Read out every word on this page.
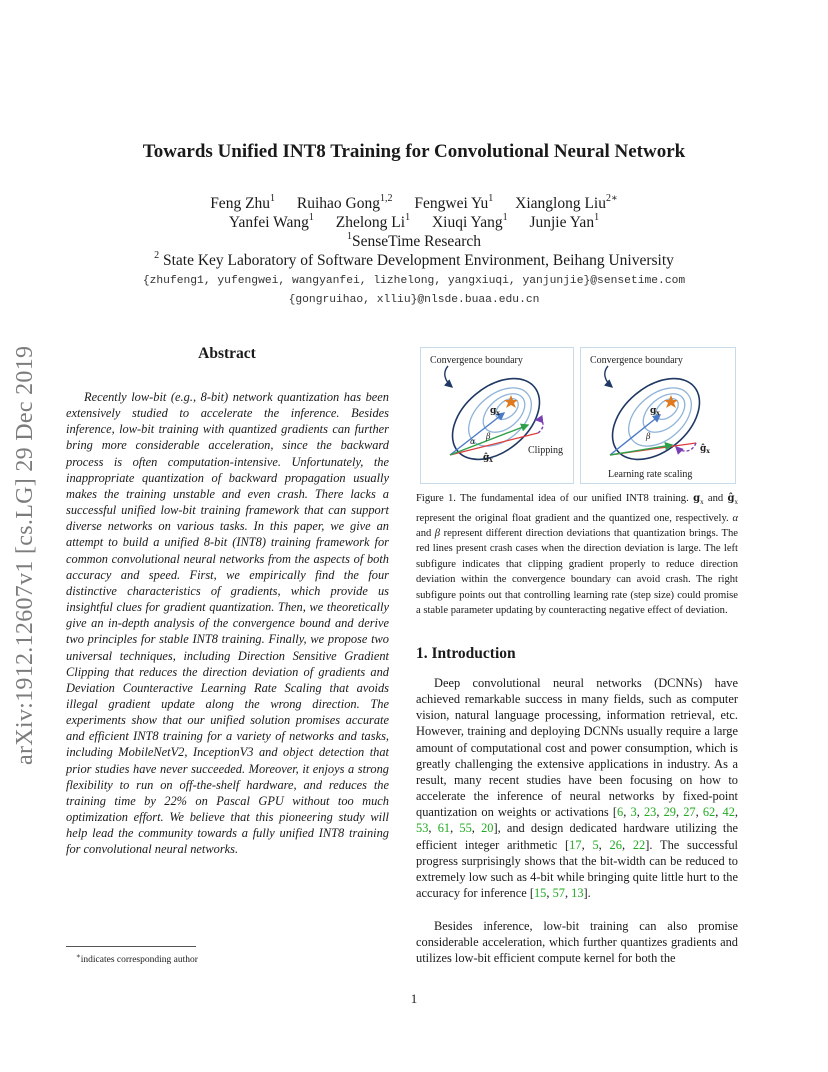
arXiv:1912.12607v1 [cs.LG] 29 Dec 2019
Towards Unified INT8 Training for Convolutional Neural Network
Feng Zhu$^1$ Ruihao Gong$^{1,2}$ Fengwei Yu$^1$ Xianglong Liu$^{2∗}$
Yanfei Wang$^1$ Zhelong Li$^1$ Xiuqi Yang$^1$ Junjie Yan$^1$
$^1$SenseTime Research
$^2$ State Key Laboratory of Software Development Environment, Beihang University
{zhufeng1, yufengwei, wangyanfei, lizhelong, yangxiuqi, yanjunjie}@sensetime.com
{gongruihao, xlliu}@nlsde.buaa.edu.cn
Abstract

Recently low-bit (e.g., 8-bit) network quantization has been extensively studied to accelerate the inference. Besides inference, low-bit training with quantized gradients can further bring more considerable acceleration, since the backward process is often computation-intensive. Unfortunately, the inappropriate quantization of backward propagation usually makes the training unstable and even crash. There lacks a successful unified low-bit training framework that can support diverse networks on various tasks. In this paper, we give an attempt to build a unified 8-bit (INT8) training framework for common convolutional neural networks from the aspects of both accuracy and speed. First, we empirically find the four distinctive characteristics of gradients, which provide us insightful clues for gradient quantization. Then, we theoretically give an in-depth analysis of the convergence bound and derive two principles for stable INT8 training. Finally, we propose two universal techniques, including Direction Sensitive Gradient Clipping that reduces the direction deviation of gradients and Deviation Counteractive Learning Rate Scaling that avoids illegal gradient update along the wrong direction. The experiments show that our unified solution promises accurate and efficient INT8 training for a variety of networks and tasks, including MobileNetV2, InceptionV3 and object detection that prior studies have never succeeded. Moreover, it enjoys a strong flexibility to run on off-the-shelf hardware, and reduces the training time by 22% on Pascal GPU without too much optimization effort. We believe that this pioneering study will help lead the community towards a fully unified INT8 training for convolutional neural networks.

∗indicates corresponding author
Convergence boundary
$g_x$
$ĝ_x$
α
β
Clipping
Convergence boundary
$g_x$
$ĝ_x$
β
Learning rate scaling

Figure 1. The fundamental idea of our unified INT8 training. $g_x$ and $ĝ_x$ represent the original float gradient and the quantized one, respectively. α and β represent different direction deviations that quantization brings. The red lines present crash cases when the direction deviation is large. The left subfigure indicates that clipping gradient properly to reduce direction deviation within the convergence boundary can avoid crash. The right subfigure points out that controlling learning rate (step size) could promise a stable parameter updating by counteracting negative effect of deviation.

1. Introduction

Deep convolutional neural networks (DCNNs) have achieved remarkable success in many fields, such as computer vision, natural language processing, information retrieval, etc. However, training and deploying DCNNs usually require a large amount of computational cost and power consumption, which is greatly challenging the extensive applications in industry. As a result, many recent studies have been focusing on how to accelerate the inference of neural networks by fixed-point quantization on weights or activations [6, 3, 23, 29, 27, 62, 42, 53, 61, 55, 20], and design dedicated hardware utilizing the efficient integer arithmetic [17, 5, 26, 22]. The successful progress surprisingly shows that the bit-width can be reduced to extremely low such as 4-bit while bringing quite little hurt to the accuracy for inference [15, 57, 13].

Besides inference, low-bit training can also promise considerable acceleration, which further quantizes gradients and utilizes low-bit efficient compute kernel for both the

1
